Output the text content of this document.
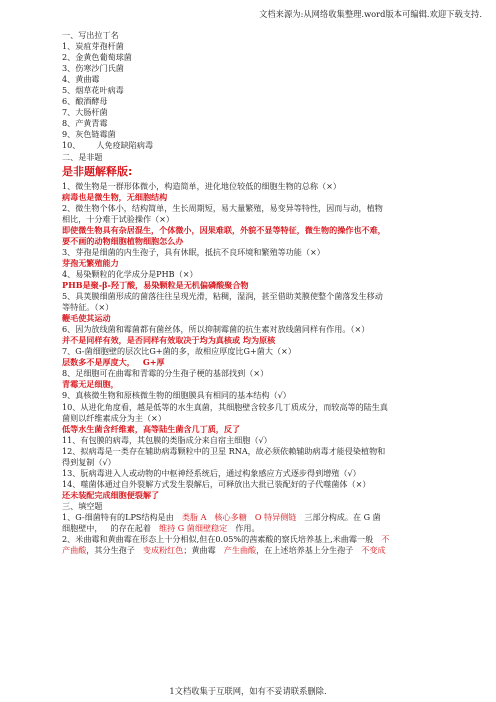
文档来源为:从网络收集整理.word版本可编辑.欢迎下载支持.
一、写出拉丁名
1、炭疽芽孢杆菌
2、金黄色葡萄球菌
3、伤寒沙门氏菌
4、黄曲霉
5、烟草花叶病毒
6、酿酒酵母
7、大肠杆菌
8、产黄青霉
9、灰色链霉菌
10、 人免疫缺陷病毒
二、是非题
是非题解释版:
1、微生物是一群形体微小，构造简单，进化地位较低的细胞生物的总称（×）
病毒也是微生物，无细胞结构
2、微生物个体小，结构简单，生长周期短，易大量繁殖，易变异等特性，因而与动，植物
相比，十分难于试验操作（×）
即使微生物具有杂居混生，个体微小，因果难联，外貌不显等特征，微生物的操作也不难，
要不画的动物细胞植物细胞怎么办
3、芽孢是细菌的内生孢子，具有休眠，抵抗不良环境和繁殖等功能（×）
芽孢无繁殖能力
4、易染颗粒的化学成分是PHB（×）
PHB是聚-β-羟丁酸，易染颗粒是无机偏磷酸聚合物
5、具荚膜细菌形成的菌落往往呈现光滑，粘稠，湿润，甚至借助荚膜使整个菌落发生移动
等特征。（×）
鞭毛使其运动
6、因为放线菌和霉菌都有菌丝体，所以抑制霉菌的抗生素对放线菌同样有作用。（×）
并不是同样有效，是否同样有效取决于均为真核或 均为原核
7、G-菌细胞壁的层次比G+菌的多，故相应厚度比G+菌大（×）
层数多不是厚度大， G+厚
8、足细胞可在曲霉和青霉的分生孢子梗的基部找到（×）
青霉无足细胞，
9、真核微生物和原核微生物的细胞膜具有相同的基本结构（√）
10、从进化角度看，越是低等的水生真菌，其细胞壁含较多几丁质成分，而较高等的陆生真
菌则以纤维素成分为主（×）
低等水生菌含纤维素，高等陆生菌含几丁质，反了
11、有包膜的病毒，其包膜的类脂成分来自宿主细胞（√）
12、拟病毒是一类存在辅助病毒颗粒中的卫星 RNA，故必须依赖辅助病毒才能侵染植物和
得到复制（√）
13、朊病毒进入人或动物的中枢神经系统后，通过构象感应方式逐步得到增殖（√）
14、噬菌体通过自外裂解方式发生裂解后，可释放出大批已装配好的子代噬菌体（×）
还未装配完成细胞便裂解了
三、填空题
1、G-细菌特有的LPS结构是由 类脂 A 核心多糖 O 特异侧链 三部分构成。在 G 菌
细胞壁中， 的存在起着 维持 G 菌细壁稳定 作用。
2、米曲霉和黄曲霉在形态上十分相似,但在0.05%的茜素酸的察氏培养基上,米曲霉一般 不
产曲酸，其分生孢子 变成粉红色；黄曲霉 产生曲酸，在上述培养基上分生孢子 不变成
1文档收集于互联网，如有不妥请联系删除.
